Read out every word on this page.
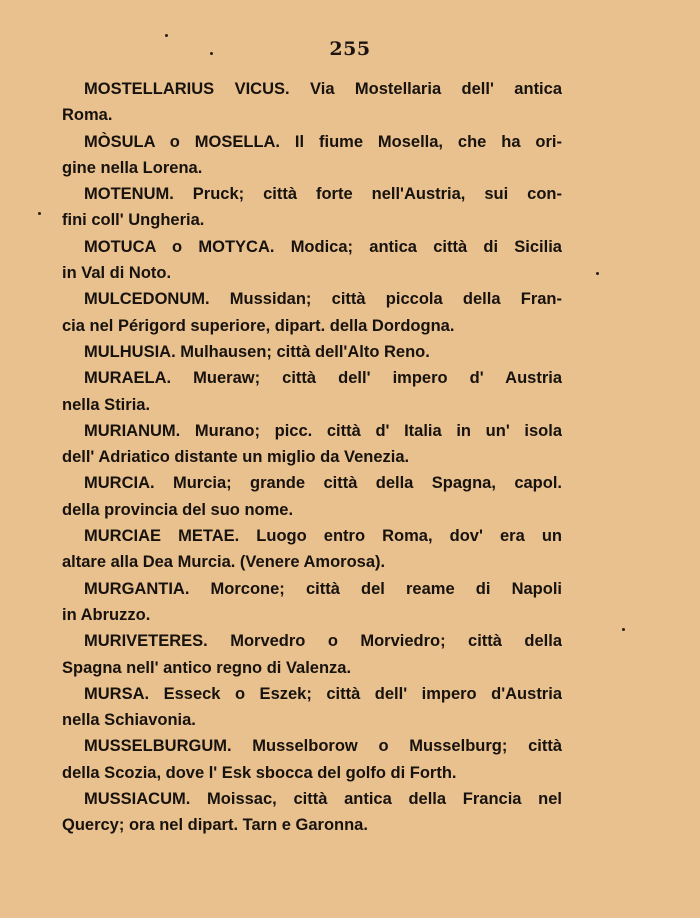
255
MOSTELLARIUS VICUS. Via Mostellaria dell' antica
Roma.
MÒSULA o MOSELLA. Il fiume Mosella, che ha ori-
gine nella Lorena.
MOTENUM. Pruck; città forte nell'Austria, sui con-
fini coll' Ungheria.
MOTUCA o MOTYCA. Modica; antica città di Sicilia
in Val di Noto.
MULCEDONUM. Mussidan; città piccola della Fran-
cia nel Périgord superiore, dipart. della Dordogna.
MULHUSIA. Mulhausen; città dell'Alto Reno.
MURAELA. Mueraw; città dell' impero d' Austria
nella Stiria.
MURIANUM. Murano; picc. città d' Italia in un' isola
dell' Adriatico distante un miglio da Venezia.
MURCIA. Murcia; grande città della Spagna, capol.
della provincia del suo nome.
MURCIAE METAE. Luogo entro Roma, dov' era un
altare alla Dea Murcia. (Venere Amorosa).
MURGANTIA. Morcone; città del reame di Napoli
in Abruzzo.
MURIVETERES. Morvedro o Morviedro; città della
Spagna nell' antico regno di Valenza.
MURSA. Esseck o Eszek; città dell' impero d'Austria
nella Schiavonia.
MUSSELBURGUM. Musselborow o Musselburg; città
della Scozia, dove l' Esk sbocca del golfo di Forth.
MUSSIACUM. Moissac, città antica della Francia nel
Quercy; ora nel dipart. Tarn e Garonna.
